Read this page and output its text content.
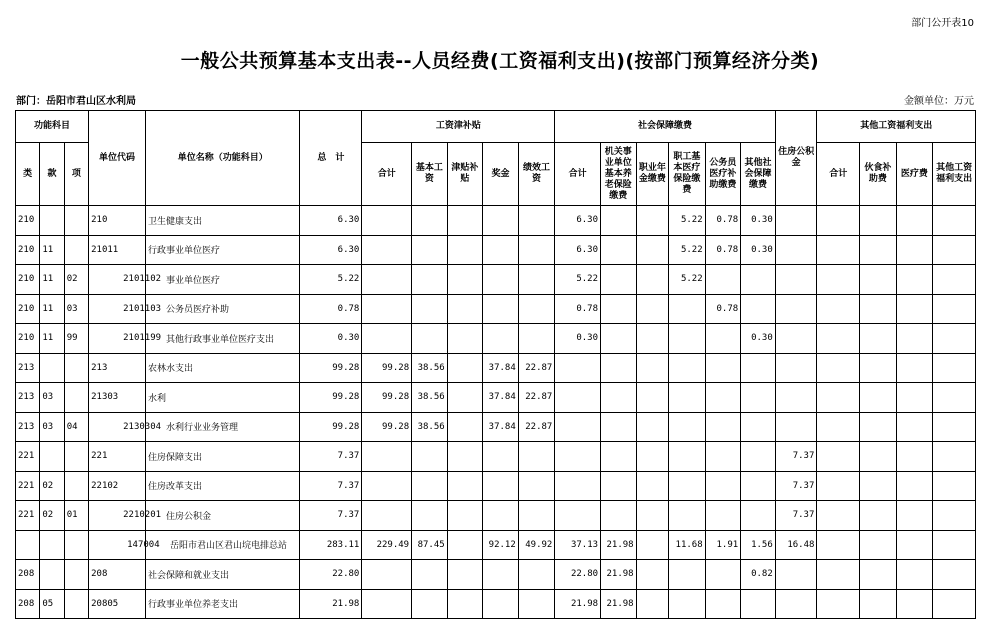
部门公开表10
一般公共预算基本支出表--人员经费(工资福利支出)(按部门预算经济分类)
部门：岳阳市君山区水利局	金额单位：万元
功能科目			单位代码	单位名称（功能科目）	总　计	工资津补贴					社会保障缴费						住房公积金	其他工资福利支出			
类	款	项				合计	基本工资	津贴补贴	奖金	绩效工资	合计	机关事业单位基本养老保险缴费	职业年金缴费	职工基本医疗保险缴费	公务员医疗补助缴费	其他社会保障缴费		合计	伙食补助费	医疗费	其他工资福利支出
210			210	卫生健康支出	6.30						6.30			5.22	0.78	0.30					
210	11		21011	行政事业单位医疗	6.30						6.30			5.22	0.78	0.30					
210	11	02	2101102	事业单位医疗	5.22						5.22			5.22							
210	11	03	2101103	公务员医疗补助	0.78						0.78				0.78						
210	11	99	2101199	其他行政事业单位医疗支出	0.30						0.30					0.30					
213			213	农林水支出	99.28	99.28	38.56		37.84	22.87											
213	03		21303	水利	99.28	99.28	38.56		37.84	22.87											
213	03	04	2130304	水利行业业务管理	99.28	99.28	38.56		37.84	22.87											
221			221	住房保障支出	7.37												7.37				
221	02		22102	住房改革支出	7.37												7.37				
221	02	01	2210201	住房公积金	7.37												7.37				
			147004	岳阳市君山区君山垸电排总站	283.11	229.49	87.45		92.12	49.92	37.13	21.98		11.68	1.91	1.56	16.48				
208			208	社会保障和就业支出	22.80						22.80	21.98				0.82					
208	05		20805	行政事业单位养老支出	21.98						21.98	21.98									
